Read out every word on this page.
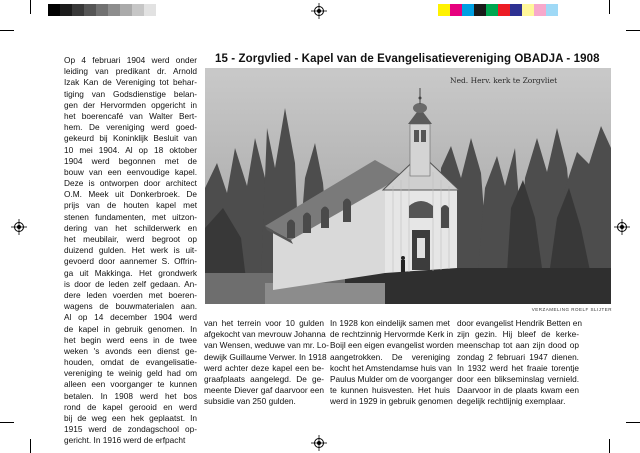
15 - Zorgvlied - Kapel van de Evangelisatievereniging OBADJA - 1908
Ned. Herv. kerk te Zorgvliet
VERZAMELING ROELF SLIJTER
Op 4 februari 1904 werd onder
leiding van predikant dr. Arnold
Izak Kan de Vereniging tot behar-
tiging van Godsdienstige belan-
gen der Hervormden opgericht in
het boerencafé van Walter Bert-
hem. De vereniging werd goed-
gekeurd bij Koninklijk Besluit van
10 mei 1904. Al op 18 oktober
1904 werd begonnen met de
bouw van een eenvoudige kapel.
Deze is ontworpen door architect
O.M. Meek uit Donkerbroek. De
prijs van de houten kapel met
stenen fundamenten, met uitzon-
dering van het schilderwerk en
het meubilair, werd begroot op
duizend gulden. Het werk is uit-
gevoerd door aannemer S. Offrin-
ga uit Makkinga. Het grondwerk
is door de leden zelf gedaan. An-
dere leden voerden met boeren-
wagens de bouwmaterialen aan.
Al op 14 december 1904 werd
de kapel in gebruik genomen. In
het begin werd eens in de twee
weken 's avonds een dienst ge-
houden, omdat de evangelisatie-
vereniging te weinig geld had om
alleen een voorganger te kunnen
betalen. In 1908 werd het bos
rond de kapel gerooid en werd
bij de weg een hek geplaatst. In
1915 werd de zondagschool op-
gericht. In 1916 werd de erfpacht
van het terrein voor 10 gulden
afgekocht van mevrouw Johanna
van Wensen, weduwe van mr. Lo-
dewijk Guillaume Verwer. In 1918
werd achter deze kapel een be-
graafplaats aangelegd. De ge-
meente Diever gaf daarvoor een
subsidie van 250 gulden.
In 1928 kon eindelijk samen met
de rechtzinnig Hervormde Kerk in
Boijl een eigen evangelist worden
aangetrokken. De vereniging
kocht het Amstendamse huis van
Paulus Mulder om de voorganger
te kunnen huisvesten. Het huis
werd in 1929 in gebruik genomen
door evangelist Hendrik Betten en
zijn gezin. Hij bleef de kerke-
meenschap tot aan zijn dood op
zondag 2 februari 1947 dienen.
In 1932 werd het fraaie torentje
door een blikseminslag vernield.
Daarvoor in de plaats kwam een
degelijk rechtlijnig exemplaar.
